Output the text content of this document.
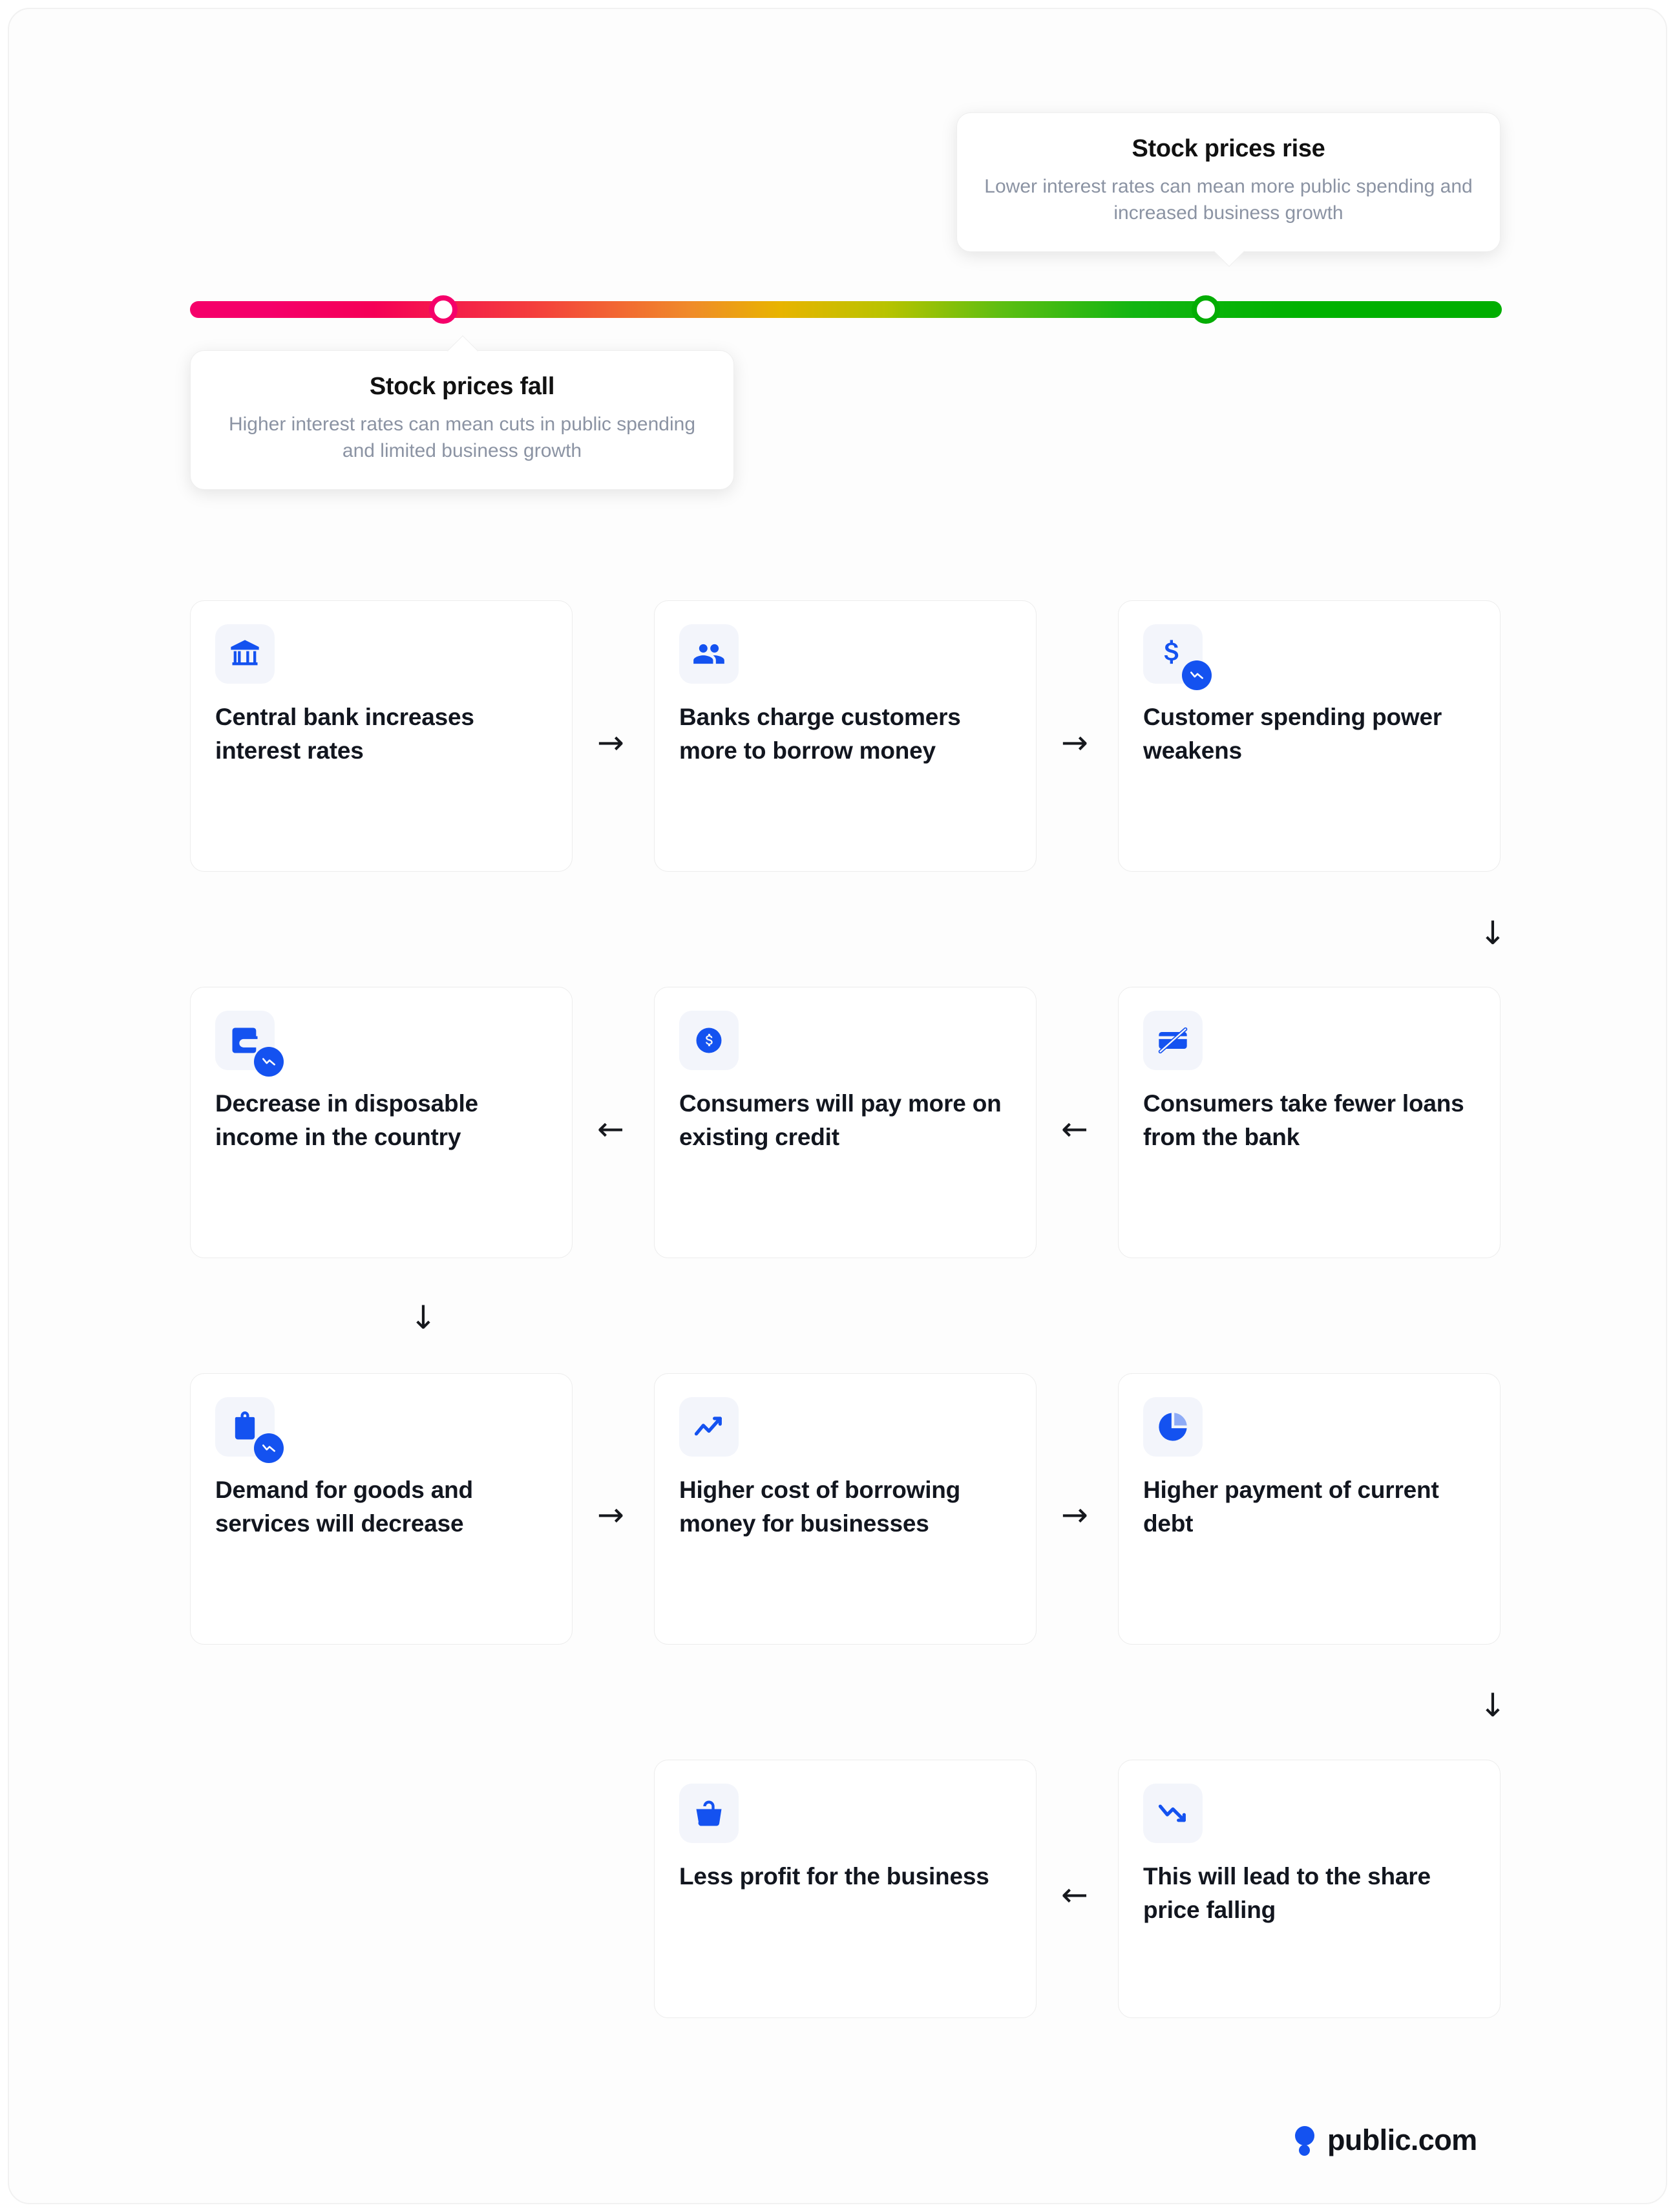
Stock prices rise
Lower interest rates can mean more public spending and increased business growth
Stock prices fall
Higher interest rates can mean cuts in public spending and limited business growth
Central bank increases interest rates	→
Banks charge customers more to borrow money	→
Customer spending power weakens
↓
Decrease in disposable income in the country	←
Consumers will pay more on existing credit	←
Consumers take fewer loans from the bank
↓
Demand for goods and services will decrease	→
Higher cost of borrowing money for businesses	→
Higher payment of current debt
↓
Less profit for the business	← This will lead to the share price falling
public.com
